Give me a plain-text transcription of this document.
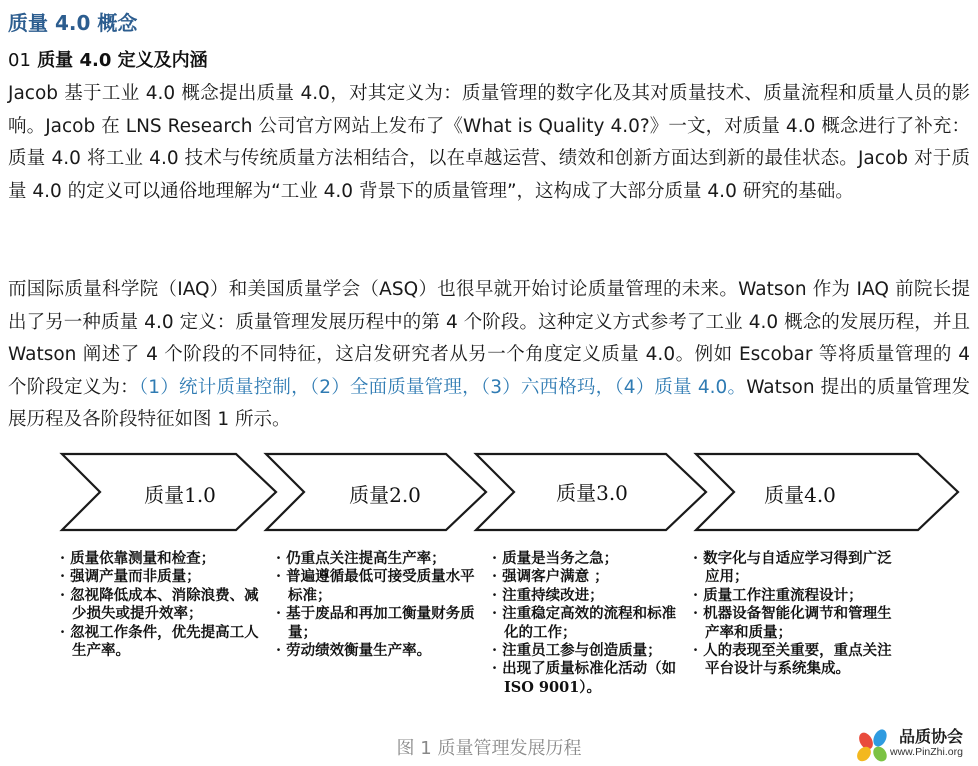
质量 4.0 概念
01 质量 4.0 定义及内涵

Jacob 基于工业 4.0 概念提出质量 4.0，对其定义为：质量管理的数字化及其对质量技术、质量流程和质量人员的影响。Jacob 在 LNS Research 公司官方网站上发布了《What is Quality 4.0?》一文，对质量 4.0 概念进行了补充：质量 4.0 将工业 4.0 技术与传统质量方法相结合，以在卓越运营、绩效和创新方面达到新的最佳状态。Jacob 对于质量 4.0 的定义可以通俗地理解为“工业 4.0 背景下的质量管理”，这构成了大部分质量 4.0 研究的基础。

而国际质量科学院（IAQ）和美国质量学会（ASQ）也很早就开始讨论质量管理的未来。Watson 作为 IAQ 前院长提出了另一种质量 4.0 定义：质量管理发展历程中的第 4 个阶段。这种定义方式参考了工业 4.0 概念的发展历程，并且 Watson 阐述了 4 个阶段的不同特征，这启发研究者从另一个角度定义质量 4.0。例如 Escobar 等将质量管理的 4 个阶段定义为：（1）统计质量控制，（2）全面质量管理，（3）六西格玛，（4）质量 4.0。Watson 提出的质量管理发展历程及各阶段特征如图 1 所示。

质量1.0	质量2.0	质量3.0	质量4.0
· 质量依靠测量和检查；
· 强调产量而非质量；
· 忽视降低成本、消除浪费、减少损失或提升效率；
· 忽视工作条件，优先提高工人生产率。
· 仍重点关注提高生产率；
· 普遍遵循最低可接受质量水平标准；
· 基于废品和再加工衡量财务质量；
· 劳动绩效衡量生产率。
· 质量是当务之急；
· 强调客户满意 ；
· 注重持续改进；
· 注重稳定高效的流程和标准化的工作；
· 注重员工参与创造质量；
· 出现了质量标准化活动（如ISO 9001）。
· 数字化与自适应学习得到广泛应用；
· 质量工作注重流程设计；
· 机器设备智能化调节和管理生产率和质量；
· 人的表现至关重要，重点关注平台设计与系统集成。

图 1 质量管理发展历程

品质协会
www.PinZhi.org
